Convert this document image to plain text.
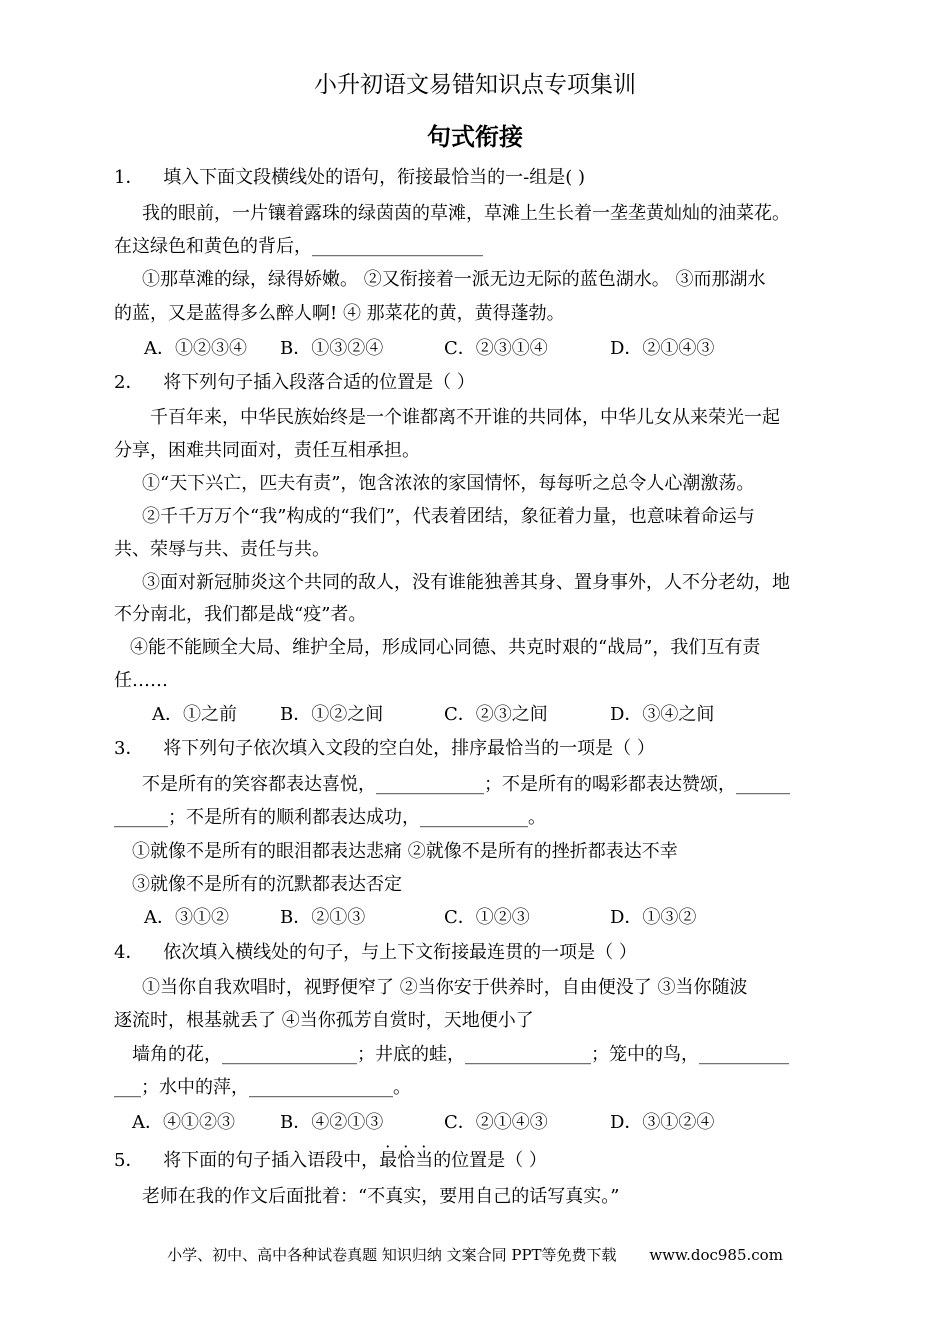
小升初语文易错知识点专项集训
句式衔接
1． 填入下面文段横线处的语句，衔接最恰当的一-组是( )
我的眼前，一片镶着露珠的绿茵茵的草滩，草滩上生长着一垄垄黄灿灿的油菜花。
在这绿色和黄色的背后，___________________
①那草滩的绿，绿得娇嫩。 ②又衔接着一派无边无际的蓝色湖水。 ③而那湖水
的蓝，又是蓝得多么醉人啊! ④ 那菜花的黄，黄得蓬勃。
A．①②③④	B．①③②④	C．②③①④	D．②①④③
2． 将下列句子插入段落合适的位置是（ ）
千百年来，中华民族始终是一个谁都离不开谁的共同体，中华儿女从来荣光一起
分享，困难共同面对，责任互相承担。
①“天下兴亡，匹夫有责”，饱含浓浓的家国情怀，每每听之总令人心潮激荡。
②千千万万个“我”构成的“我们”，代表着团结，象征着力量，也意味着命运与
共、荣辱与共、责任与共。
③面对新冠肺炎这个共同的敌人，没有谁能独善其身、置身事外，人不分老幼，地
不分南北，我们都是战“疫”者。
④能不能顾全大局、维护全局，形成同心同德、共克时艰的“战局”，我们互有责
任……
A．①之前	B．①②之间	C．②③之间	D．③④之间
3． 将下列句子依次填入文段的空白处，排序最恰当的一项是（ ）
不是所有的笑容都表达喜悦，____________；不是所有的喝彩都表达赞颂，______
______；不是所有的顺利都表达成功，____________。
①就像不是所有的眼泪都表达悲痛 ②就像不是所有的挫折都表达不幸
③就像不是所有的沉默都表达否定
A．③①②	B．②①③	C．①②③	D．①③②
4． 依次填入横线处的句子，与上下文衔接最连贯的一项是（ ）
①当你自我欢唱时，视野便窄了 ②当你安于供养时，自由便没了 ③当你随波
逐流时，根基就丢了 ④当你孤芳自赏时，天地便小了
墙角的花，_______________；井底的蛙，______________；笼中的鸟，__________
___；水中的萍，________________。
A．④①②③	B．④②①③	C．②①④③	D．③①②④
5． 将下面的句子插入语段中，最恰当的位置是（ ）
老师在我的作文后面批着：“不真实，要用自己的话写真实。”
小学、初中、高中各种试卷真题 知识归纳 文案合同 PPT等免费下载 www.doc985.com
